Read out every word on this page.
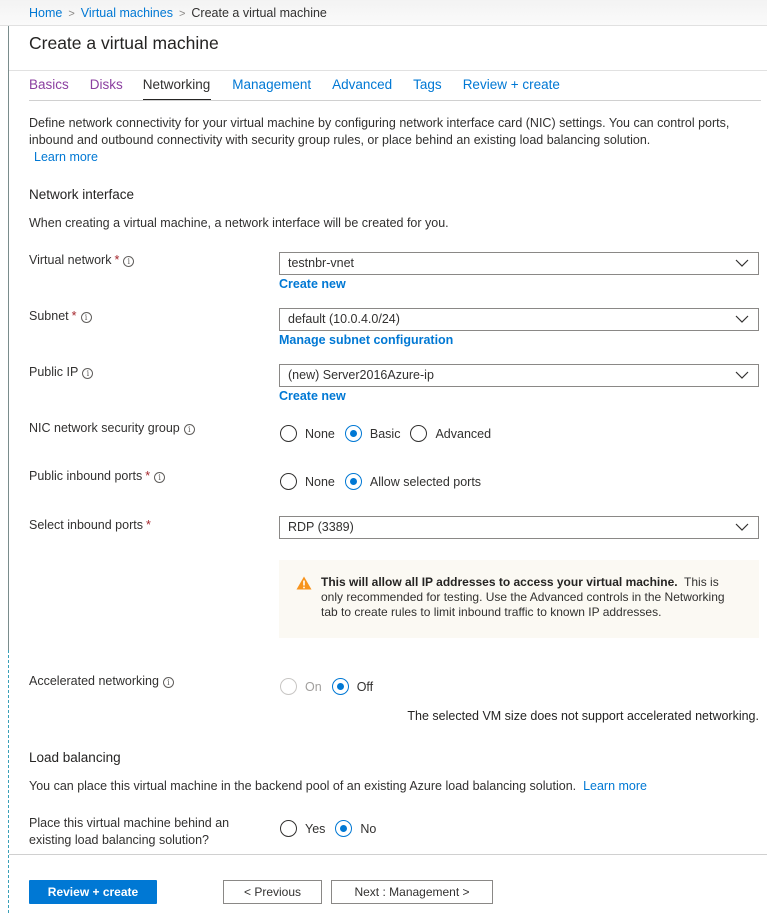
Home > Virtual machines > Create a virtual machine
Create a virtual machine
Basics Disks Networking Management Advanced Tags Review + create
Define network connectivity for your virtual machine by configuring network interface card (NIC) settings. You can control ports, inbound and outbound connectivity with security group rules, or place behind an existing load balancing solution.
Learn more
Network interface
When creating a virtual machine, a network interface will be created for you.
Virtual network * i	testnbr-vnet
Create new
Subnet * i	default (10.0.4.0/24)
Manage subnet configuration
Public IP i	(new) Server2016Azure-ip
Create new
NIC network security group i	None	Basic	Advanced
Public inbound ports * i	None	Allow selected ports
Select inbound ports *	RDP (3389)
This will allow all IP addresses to access your virtual machine. This is only recommended for testing. Use the Advanced controls in the Networking tab to create rules to limit inbound traffic to known IP addresses.
Accelerated networking i	On	Off
The selected VM size does not support accelerated networking.
Load balancing
You can place this virtual machine in the backend pool of an existing Azure load balancing solution. Learn more
Place this virtual machine behind an
existing load balancing solution?
Yes	No
Review + create	< Previous	Next : Management >
